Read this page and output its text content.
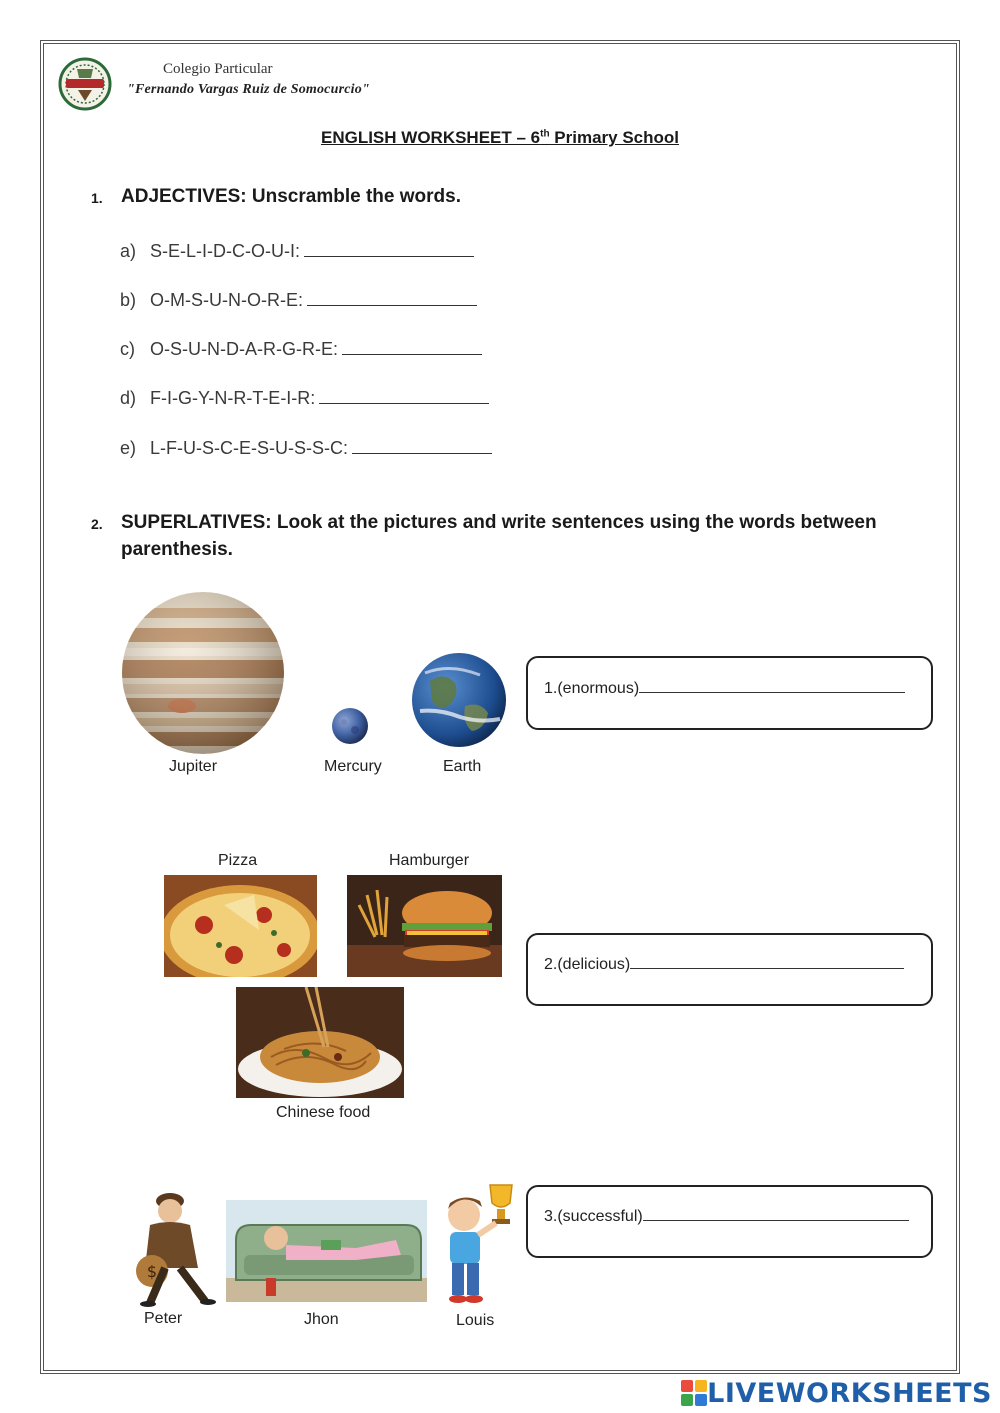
Colegio Particular
"Fernando Vargas Ruiz de Somocurcio"
ENGLISH WORKSHEET – 6th Primary School
1. ADJECTIVES: Unscramble the words.
a) S-E-L-I-D-C-O-U-I:
b) O-M-S-U-N-O-R-E:
c) O-S-U-N-D-A-R-G-R-E:
d) F-I-G-Y-N-R-T-E-I-R:
e) L-F-U-S-C-E-S-U-S-S-C:
2. SUPERLATIVES: Look at the pictures and write sentences using the words between
parenthesis.
Jupiter	Mercury	Earth
1.(enormous)
Pizza	Hamburger
2.(delicious)
Chinese food
$
Peter	Jhon	Louis
3.(successful)
LIVEWORKSHEETS
